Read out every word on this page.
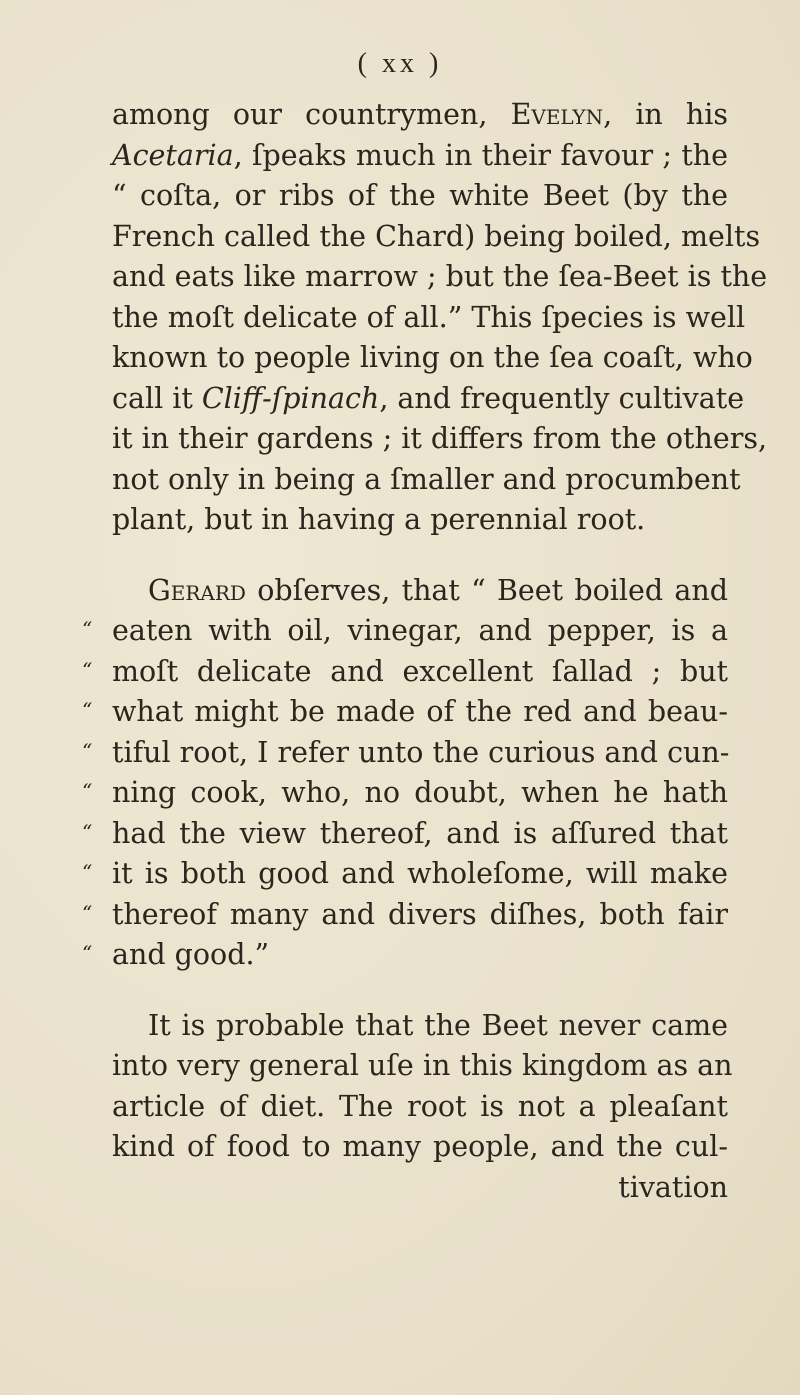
( xx )
among our countrymen, Evelyn, in his
Acetaria, ſpeaks much in their favour ; the
“ coſta, or ribs of the white Beet (by the
French called the Chard) being boiled, melts
and eats like marrow ; but the ſea-Beet is the
the moſt delicate of all.” This ſpecies is well
known to people living on the ſea coaſt, who
call it Cliff-ſpinach, and frequently cultivate
it in their gardens ; it differs from the others,
not only in being a ſmaller and procumbent
plant, but in having a perennial root.
Gerard obſerves, that “ Beet boiled and
“ eaten with oil, vinegar, and pepper, is a
“ moſt delicate and excellent ſallad ; but
“ what might be made of the red and beau-
“ tiful root, I refer unto the curious and cun-
“ ning cook, who, no doubt, when he hath
“ had the view thereof, and is aſſured that
“ it is both good and wholeſome, will make
“ thereof many and divers diſhes, both fair
“ and good.”
It is probable that the Beet never came
into very general uſe in this kingdom as an
article of diet. The root is not a pleaſant
kind of food to many people, and the cul-
tivation
